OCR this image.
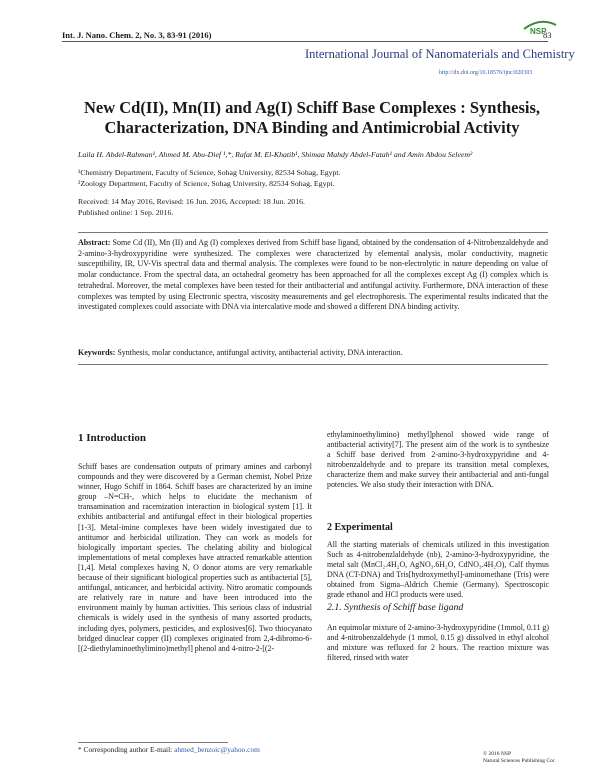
Int. J. Nano. Chem. 2, No. 3, 83-91 (2016)	NSP
83
International Journal of Nanomaterials and Chemistry
http://dx.doi.org/10.18576/ijnc/020303
New Cd(II), Mn(II) and Ag(I) Schiff Base Complexes : Synthesis, Characterization, DNA Binding and Antimicrobial Activity
Laila H. Abdel-Rahman¹, Ahmed M. Abu-Dief ¹,*, Rafat M. El-Khatib¹, Shimaa Mahdy Abdel-Fatah¹ and Amin Abdou Seleem²
¹Chemistry Department, Faculty of Science, Sohag University, 82534 Sohag, Egypt.
²Zoology Department, Faculty of Science, Sohag University, 82534 Sohag, Egypt.
Received: 14 May 2016, Revised: 16 Jun. 2016, Accepted: 18 Jun. 2016.
Published online: 1 Sep. 2016.
Abstract: Some Cd (II), Mn (II) and Ag (I) complexes derived from Schiff base ligand, obtained by the condensation of 4-Nitrobenzaldehyde and 2-amino-3-hydroxypyridine were synthesized. The complexes were characterized by elemental analysis, molar conductivity, magnetic susceptibility, IR, UV-Vis spectral data and thermal analysis. The complexes were found to be non-electrolytic in nature depending on value of molar conductance. From the spectral data, an octahedral geometry has been approached for all the complexes except Ag (I) complex which is tetrahedral. Moreover, the metal complexes have been tested for their antibacterial and antifungal activity. Furthermore, DNA interaction of these complexes was tempted by using Electronic spectra, viscosity measurements and gel electrophoresis. The experimental results indicated that the investigated complexes could associate with DNA via intercalative mode and showed a different DNA binding activity.
Keywords: Synthesis, molar conductance, antifungal activity, antibacterial activity, DNA interaction.
1 Introduction
Schiff bases are condensation outputs of primary amines and carbonyl compounds and they were discovered by a German chemist, Nobel Prize winner, Hugo Schiff in 1864. Schiff bases are characterized by an imine group –N=CH-, which helps to elucidate the mechanism of transamination and racemization interaction in biological system [1]. It exhibits antibacterial and antifungal effect in their biological properties [1-3]. Metal-imine complexes have been widely investigated due to antitumor and herbicidal utilization. They can work as models for biologically important species. The chelating ability and biological implementations of metal complexes have attracted remarkable attention [1,4]. Metal complexes having N, O donor atoms are very remarkable because of their significant biological properties such as antibacterial [5], antifungal, anticancer, and herbicidal activity. Nitro aromatic compounds are relatively rare in nature and have been introduced into the environment mainly by human activities. This serious class of industrial chemicals is widely used in the synthesis of many assorted products, including dyes, polymers, pesticides, and explosives[6]. Two thiocyanato bridged dinuclear copper (II) complexes originated from 2,4-dibromo-6-[(2-diethylaminoethylimino)methyl] phenol and 4-nitro-2-[(2-
ethylaminoethylimino) methyl]phenol showed wide range of antibacterial activity[7]. The present aim of the work is to synthesize a Schiff base derived from 2-amino-3-hydroxypyridine and 4-nitrobenzaldehyde and to prepare its transition metal complexes, characterize them and make survey their antibacterial and anti-fungal potencies. We also study their interaction with DNA.
2 Experimental
All the starting materials of chemicals utilized in this investigation Such as 4-nitrobenzlaldehyde (nb), 2-amino-3-hydroxypyridine, the metal salt (MnCl₂.4H₂O, AgNO₃.6H₂O, CdNO₃.4H₂O), Calf thymus DNA (CT-DNA) and Tris[hydroxymethyl]-aminomethane (Tris) were obtained from Sigma–Aldrich Chemie (Germany). Spectroscopic grade ethanol and HCl products were used.
2.1. Synthesis of Schiff base ligand
An equimolar mixture of 2-amino-3-hydroxypyridine (1mmol, 0.11 g) and 4-nitrobenzaldehyde (1 mmol, 0.15 g) dissolved in ethyl alcohol and mixture was refluxed for 2 hours. The reaction mixture was filtered, rinsed with water
* Corresponding author E-mail: ahmed_benzoic@yahoo.com	© 2016 NSP
Natural Sciences Publishing Cor.
